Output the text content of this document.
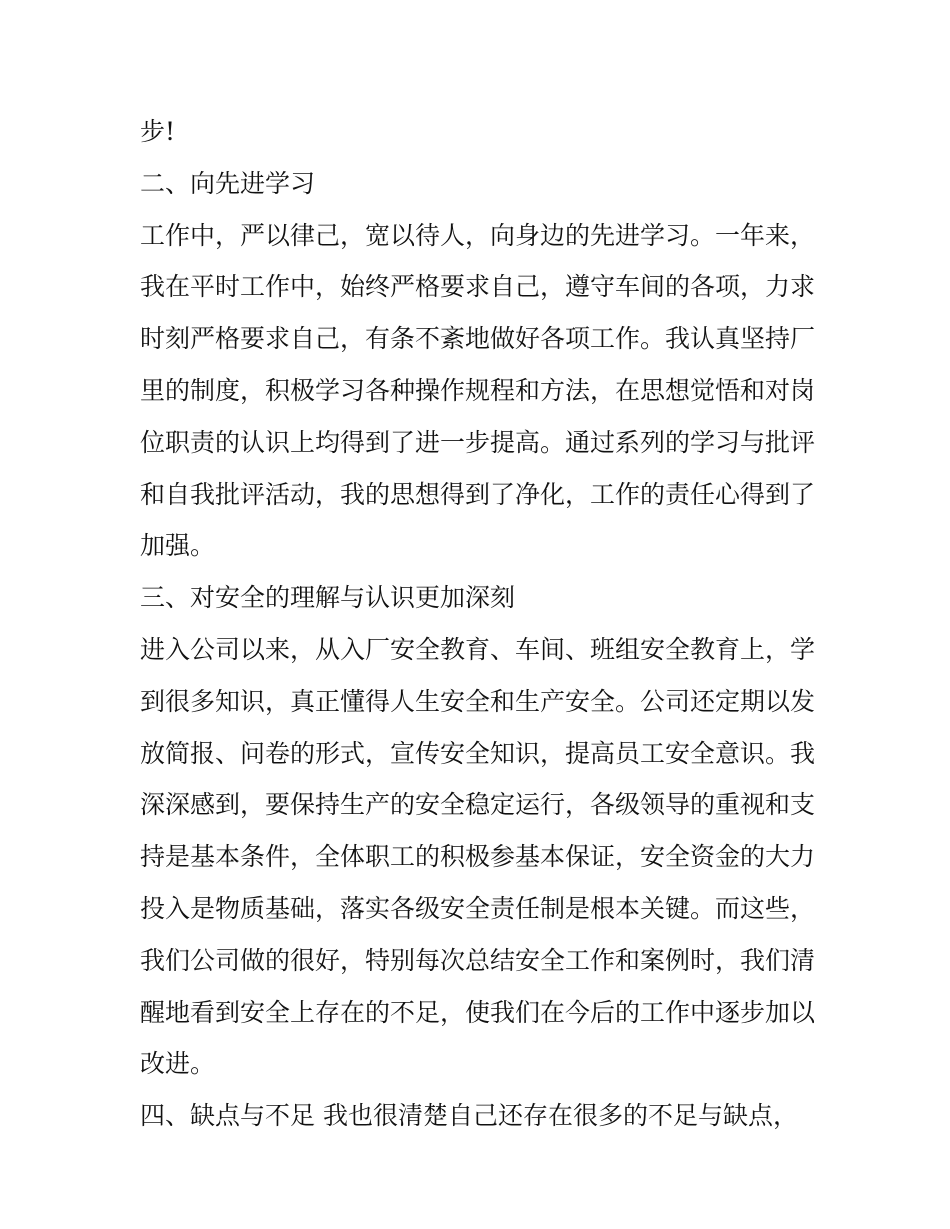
步!
二、向先进学习
工作中，严以律己，宽以待人，向身边的先进学习。一年来，
我在平时工作中，始终严格要求自己，遵守车间的各项，力求
时刻严格要求自己，有条不紊地做好各项工作。我认真坚持厂
里的制度，积极学习各种操作规程和方法，在思想觉悟和对岗
位职责的认识上均得到了进一步提高。通过系列的学习与批评
和自我批评活动，我的思想得到了净化，工作的责任心得到了
加强。
三、对安全的理解与认识更加深刻
进入公司以来，从入厂安全教育、车间、班组安全教育上，学
到很多知识，真正懂得人生安全和生产安全。公司还定期以发
放简报、问卷的形式，宣传安全知识，提高员工安全意识。我
深深感到，要保持生产的安全稳定运行，各级领导的重视和支
持是基本条件，全体职工的积极参基本保证，安全资金的大力
投入是物质基础，落实各级安全责任制是根本关键。而这些，
我们公司做的很好，特别每次总结安全工作和案例时，我们清
醒地看到安全上存在的不足，使我们在今后的工作中逐步加以
改进。
四、缺点与不足 我也很清楚自己还存在很多的不足与缺点，
